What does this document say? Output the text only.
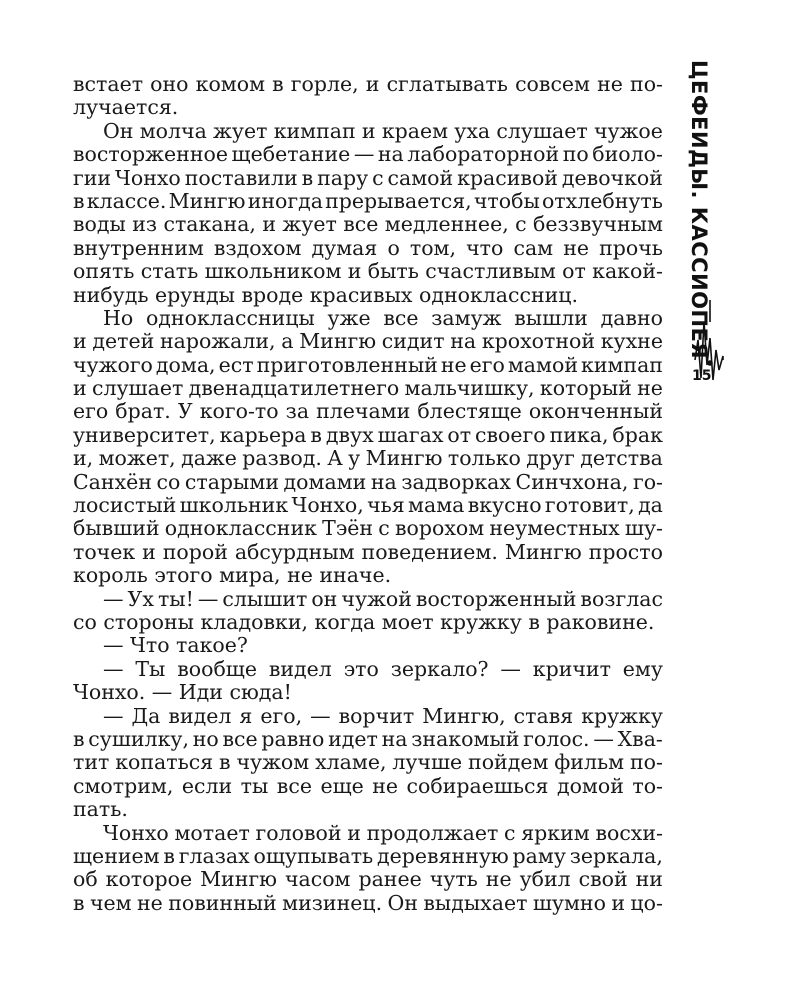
встает оно комом в горле, и сглатывать совсем не по-
лучается.
Он молча жует кимпап и краем уха слушает чужое
восторженное щебетание — на лабораторной по биоло-
гии Чонхо поставили в пару с самой красивой девочкой
в классе. Мингю иногда прерывается, чтобы отхлебнуть
воды из стакана, и жует все медленнее, с беззвучным
внутренним вздохом думая о том, что сам не прочь
опять стать школьником и быть счастливым от какой-
нибудь ерунды вроде красивых одноклассниц.
Но одноклассницы уже все замуж вышли давно
и детей нарожали, а Мингю сидит на крохотной кухне
чужого дома, ест приготовленный не его мамой кимпап
и слушает двенадцатилетнего мальчишку, который не
его брат. У кого-то за плечами блестяще оконченный
университет, карьера в двух шагах от своего пика, брак
и, может, даже развод. А у Мингю только друг детства
Санхён со старыми домами на задворках Синчхона, го-
лосистый школьник Чонхо, чья мама вкусно готовит, да
бывший одноклассник Тэён с ворохом неуместных шу-
точек и порой абсурдным поведением. Мингю просто
король этого мира, не иначе.
— Ух ты! — слышит он чужой восторженный возглас
со стороны кладовки, когда моет кружку в раковине.
— Что такое?
— Ты вообще видел это зеркало? — кричит ему
Чонхо. — Иди сюда!
— Да видел я его, — ворчит Мингю, ставя кружку
в сушилку, но все равно идет на знакомый голос. — Хва-
тит копаться в чужом хламе, лучше пойдем фильм по-
смотрим, если ты все еще не собираешься домой то-
пать.
Чонхо мотает головой и продолжает с ярким восхи-
щением в глазах ощупывать деревянную раму зеркала,
об которое Мингю часом ранее чуть не убил свой ни
в чем не повинный мизинец. Он выдыхает шумно и цо-
ЦЕФЕИДЫ. КАССИОПЕЯ
15
